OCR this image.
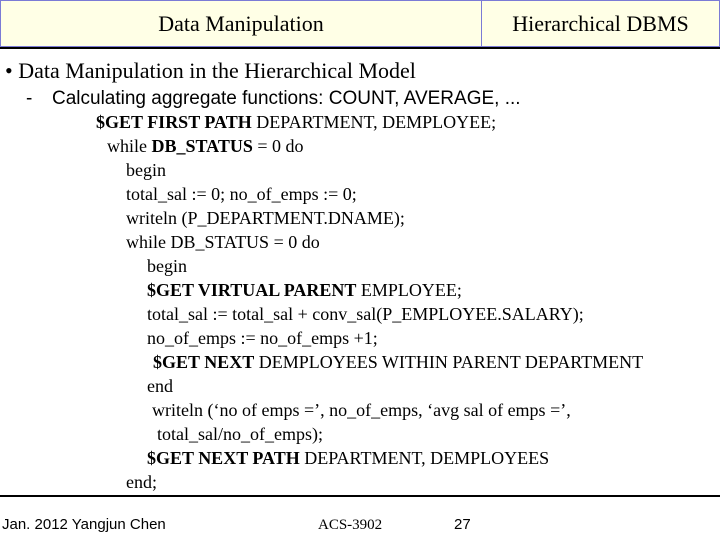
Data Manipulation	Hierarchical DBMS
• Data Manipulation in the Hierarchical Model
- Calculating aggregate functions: COUNT, AVERAGE, ...
$GET FIRST PATH DEPARTMENT, DEMPLOYEE;
while DB_STATUS = 0 do
begin
total_sal := 0; no_of_emps := 0;
writeln (P_DEPARTMENT.DNAME);
while DB_STATUS = 0 do
begin
$GET VIRTUAL PARENT EMPLOYEE;
total_sal := total_sal + conv_sal(P_EMPLOYEE.SALARY);
no_of_emps := no_of_emps +1;
$GET NEXT DEMPLOYEES WITHIN PARENT DEPARTMENT
end
writeln (‘no of emps =’, no_of_emps, ‘avg sal of emps =’,
total_sal/no_of_emps);
$GET NEXT PATH DEPARTMENT, DEMPLOYEES
end;
Jan. 2012 Yangjun Chen	ACS-3902	27
